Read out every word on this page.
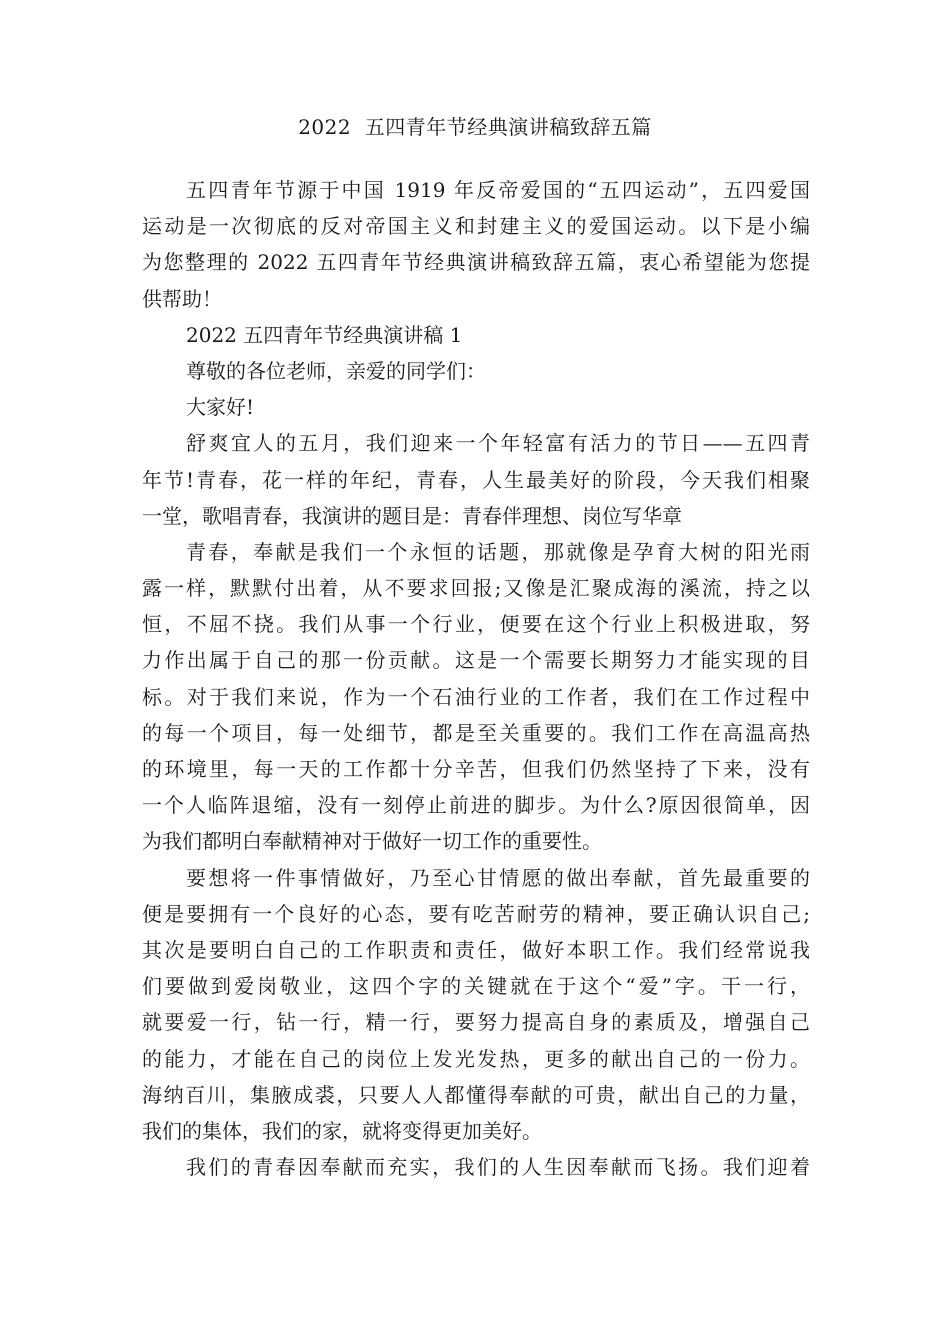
2022  五四青年节经典演讲稿致辞五篇
五四青年节源于中国 1919 年反帝爱国的“五四运动”，五四爱国
运动是一次彻底的反对帝国主义和封建主义的爱国运动。以下是小编
为您整理的 2022 五四青年节经典演讲稿致辞五篇，衷心希望能为您提
供帮助！
2022 五四青年节经典演讲稿 1
尊敬的各位老师，亲爱的同学们：
大家好!
舒爽宜人的五月，我们迎来一个年轻富有活力的节日——五四青
年节!青春，花一样的年纪，青春，人生最美好的阶段，今天我们相聚
一堂，歌唱青春，我演讲的题目是：青春伴理想、岗位写华章
青春，奉献是我们一个永恒的话题，那就像是孕育大树的阳光雨
露一样，默默付出着，从不要求回报;又像是汇聚成海的溪流，持之以
恒，不屈不挠。我们从事一个行业，便要在这个行业上积极进取，努
力作出属于自己的那一份贡献。这是一个需要长期努力才能实现的目
标。对于我们来说，作为一个石油行业的工作者，我们在工作过程中
的每一个项目，每一处细节，都是至关重要的。我们工作在高温高热
的环境里，每一天的工作都十分辛苦，但我们仍然坚持了下来，没有
一个人临阵退缩，没有一刻停止前进的脚步。为什么?原因很简单，因
为我们都明白奉献精神对于做好一切工作的重要性。
要想将一件事情做好，乃至心甘情愿的做出奉献，首先最重要的
便是要拥有一个良好的心态，要有吃苦耐劳的精神，要正确认识自己;
其次是要明白自己的工作职责和责任，做好本职工作。我们经常说我
们要做到爱岗敬业，这四个字的关键就在于这个“爱”字。干一行，
就要爱一行，钻一行，精一行，要努力提高自身的素质及，增强自己
的能力，才能在自己的岗位上发光发热，更多的献出自己的一份力。
海纳百川，集腋成裘，只要人人都懂得奉献的可贵，献出自己的力量，
我们的集体，我们的家，就将变得更加美好。
我们的青春因奉献而充实，我们的人生因奉献而飞扬。我们迎着
